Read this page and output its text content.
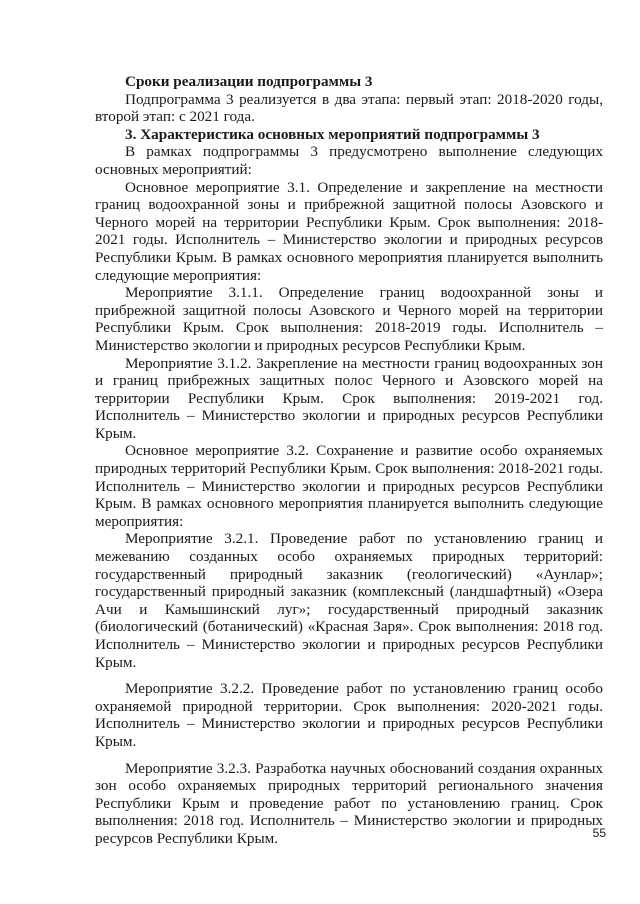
Сроки реализации подпрограммы 3

Подпрограмма 3 реализуется в два этапа: первый этап: 2018-2020 годы, второй этап: с 2021 года.

3. Характеристика основных мероприятий подпрограммы 3

В рамках подпрограммы 3 предусмотрено выполнение следующих основных мероприятий:

Основное мероприятие 3.1. Определение и закрепление на местности границ водоохранной зоны и прибрежной защитной полосы Азовского и Черного морей на территории Республики Крым. Срок выполнения: 2018-2021 годы. Исполнитель – Министерство экологии и природных ресурсов Республики Крым. В рамках основного мероприятия планируется выполнить следующие мероприятия:

Мероприятие 3.1.1. Определение границ водоохранной зоны и прибрежной защитной полосы Азовского и Черного морей на территории Республики Крым. Срок выполнения: 2018-2019 годы. Исполнитель – Министерство экологии и природных ресурсов Республики Крым.

Мероприятие 3.1.2. Закрепление на местности границ водоохранных зон и границ прибрежных защитных полос Черного и Азовского морей на территории Республики Крым. Срок выполнения: 2019-2021 год. Исполнитель – Министерство экологии и природных ресурсов Республики Крым.

Основное мероприятие 3.2. Сохранение и развитие особо охраняемых природных территорий Республики Крым. Срок выполнения: 2018-2021 годы. Исполнитель – Министерство экологии и природных ресурсов Республики Крым. В рамках основного мероприятия планируется выполнить следующие мероприятия:

Мероприятие 3.2.1. Проведение работ по установлению границ и межеванию созданных особо охраняемых природных территорий: государственный природный заказник (геологический) «Аунлар»; государственный природный заказник (комплексный (ландшафтный) «Озера Ачи и Камышинский луг»; государственный природный заказник (биологический (ботанический) «Красная Заря». Срок выполнения: 2018 год. Исполнитель – Министерство экологии и природных ресурсов Республики Крым.

Мероприятие 3.2.2. Проведение работ по установлению границ особо охраняемой природной территории. Срок выполнения: 2020-2021 годы. Исполнитель – Министерство экологии и природных ресурсов Республики Крым.

Мероприятие 3.2.3. Разработка научных обоснований создания охранных зон особо охраняемых природных территорий регионального значения Республики Крым и проведение работ по установлению границ. Срок выполнения: 2018 год. Исполнитель – Министерство экологии и природных ресурсов Республики Крым.	55
